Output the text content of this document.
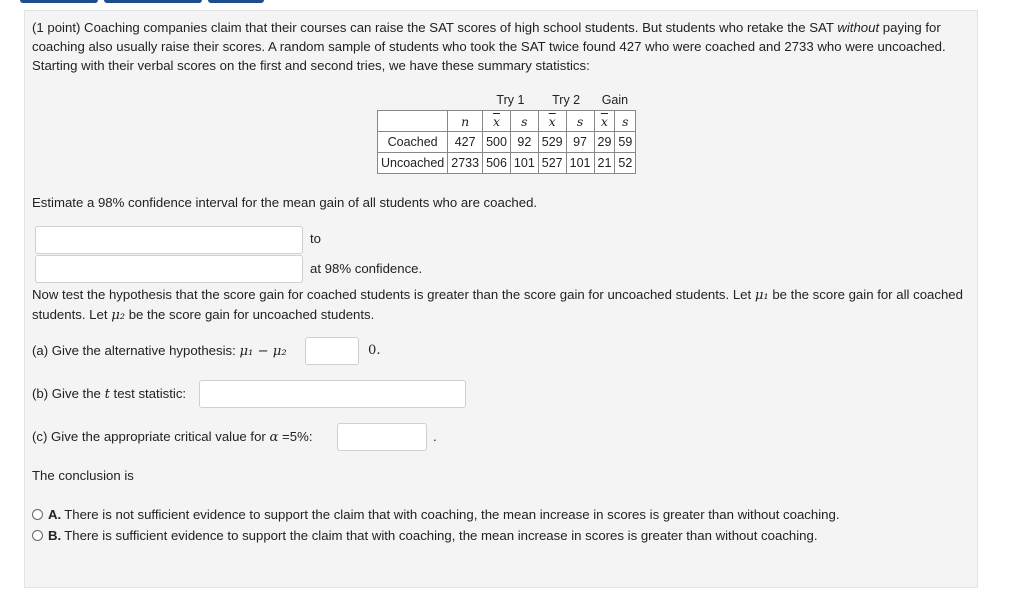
(1 point) Coaching companies claim that their courses can raise the SAT scores of high school students. But students who retake the SAT without paying for coaching also usually raise their scores. A random sample of students who took the SAT twice found 427 who were coached and 2733 who were uncoached. Starting with their verbal scores on the first and second tries, we have these summary statistics:
		Try 1		Try 2		Gain	
	n	$\overline{x}$	s	$\overline{x}$	s	$\overline{x}$	s
Coached	427	500	92	529	97	29	59
Uncoached	2733	506	101	527	101	21	52
Estimate a 98% confidence interval for the mean gain of all students who are coached.
to
at 98% confidence.
Now test the hypothesis that the score gain for coached students is greater than the score gain for uncoached students. Let μ₁ be the score gain for all coached students. Let μ₂ be the score gain for uncoached students.
(a) Give the alternative hypothesis: μ₁ − μ₂	0.
(b) Give the t test statistic:
(c) Give the appropriate critical value for α =5%:	.
The conclusion is
A. There is not sufficient evidence to support the claim that with coaching, the mean increase in scores is greater than without coaching.
B. There is sufficient evidence to support the claim that with coaching, the mean increase in scores is greater than without coaching.
